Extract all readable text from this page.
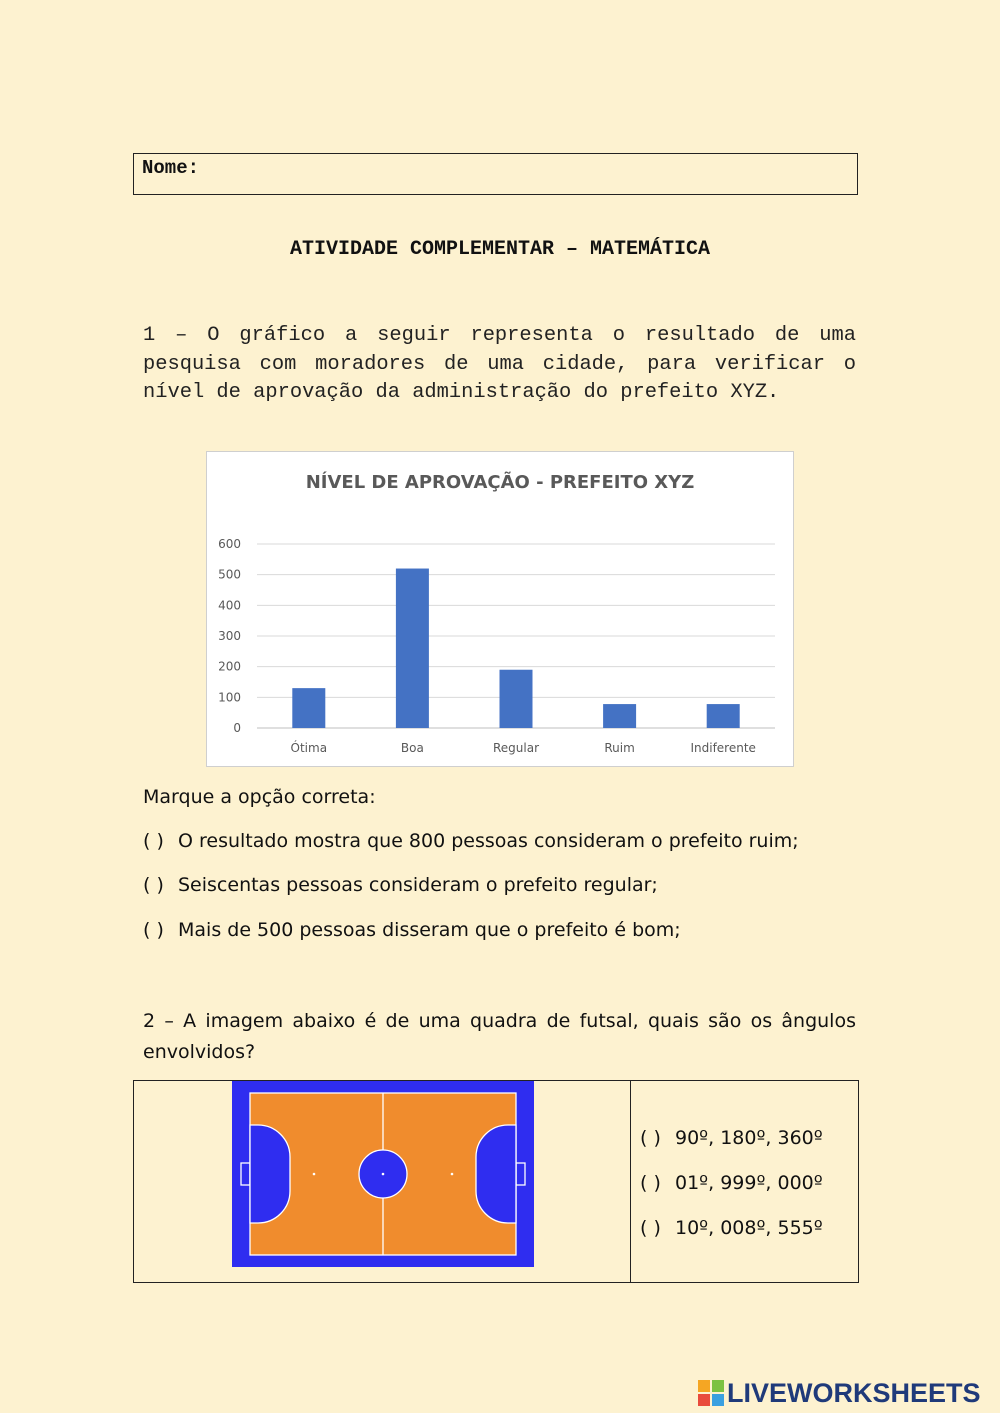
Nome:
ATIVIDADE COMPLEMENTAR – MATEMÁTICA
1 – O gráfico a seguir representa o resultado de uma pesquisa com moradores de uma cidade, para verificar o nível de aprovação da administração do prefeito XYZ.
NÍVEL DE APROVAÇÃO - PREFEITO XYZ
0
100
200
300
400
500
600
Ótima	Boa	Regular	Ruim	Indiferente
Marque a opção correta:
( ) O resultado mostra que 800 pessoas consideram o prefeito ruim;
( ) Seiscentas pessoas consideram o prefeito regular;
( ) Mais de 500 pessoas disseram que o prefeito é bom;
2 – A imagem abaixo é de uma quadra de futsal, quais são os ângulos envolvidos?
( ) 90º, 180º, 360º
( ) 01º, 999º, 000º
( ) 10º, 008º, 555º
LIVEWORKSHEETS
